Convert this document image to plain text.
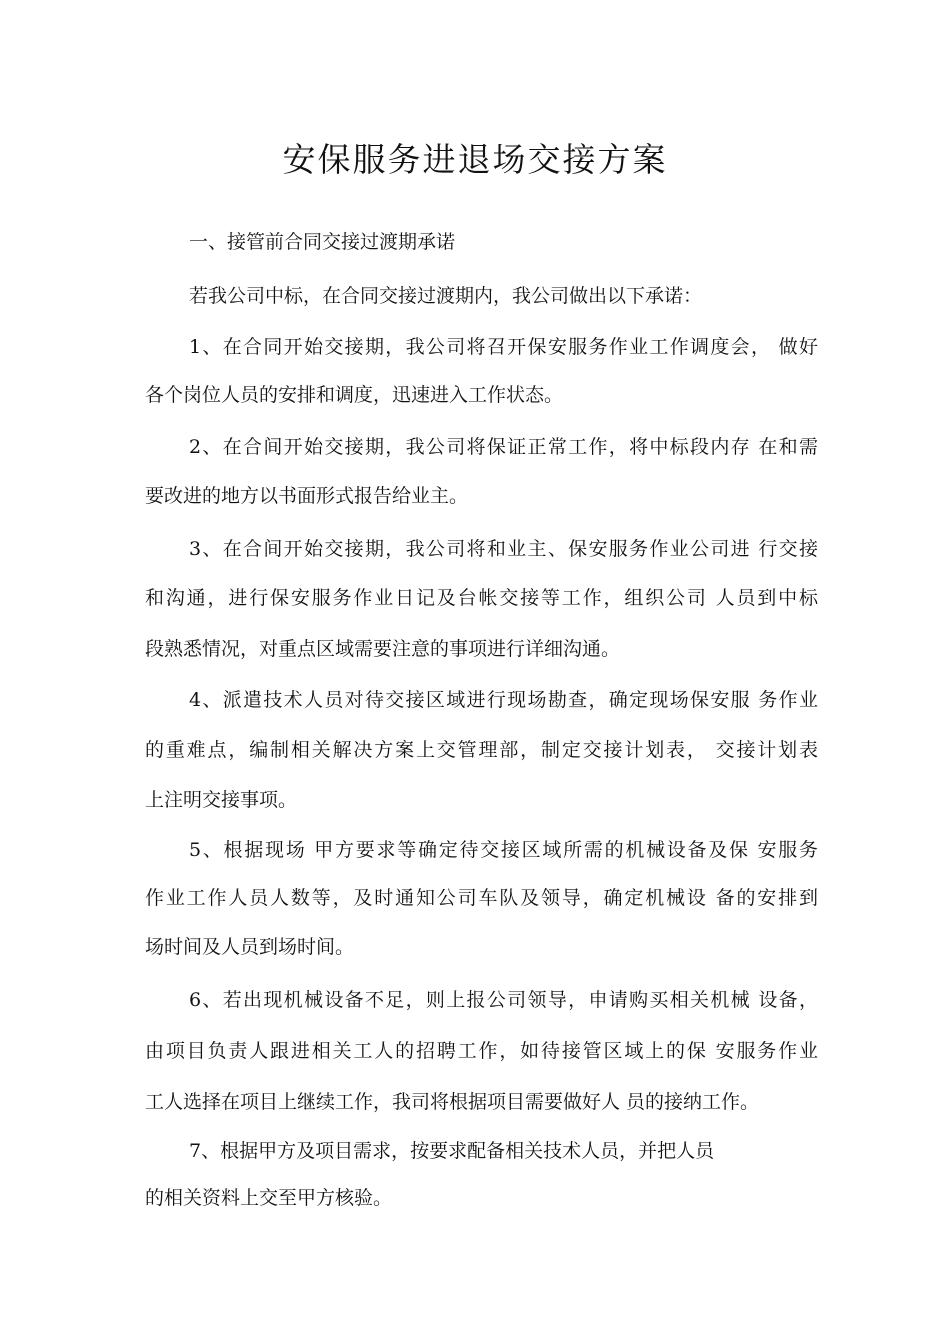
安保服务进退场交接方案
一、接管前合同交接过渡期承诺
若我公司中标，在合同交接过渡期内，我公司做出以下承诺：
1、在合同开始交接期，我公司将召开保安服务作业工作调度会， 做好
各个岗位人员的安排和调度，迅速进入工作状态。
2、在合间开始交接期，我公司将保证正常工作，将中标段内存 在和需
要改进的地方以书面形式报告给业主。
3、在合间开始交接期，我公司将和业主、保安服务作业公司进 行交接
和沟通，进行保安服务作业日记及台帐交接等工作，组织公司 人员到中标
段熟悉情况，对重点区域需要注意的事项进行详细沟通。
4、派遣技术人员对待交接区域进行现场勘查，确定现场保安服 务作业
的重难点，编制相关解决方案上交管理部，制定交接计划表， 交接计划表
上注明交接事项。
5、根据现场 甲方要求等确定待交接区域所需的机械设备及保 安服务
作业工作人员人数等，及时通知公司车队及领导，确定机械设 备的安排到
场时间及人员到场时间。
6、若出现机械设备不足，则上报公司领导，申请购买相关机械 设备，
由项目负责人跟进相关工人的招聘工作，如待接管区域上的保 安服务作业
工人选择在项目上继续工作，我司将根据项目需要做好人 员的接纳工作。
7、根据甲方及项目需求，按要求配备相关技术人员，并把人员
的相关资料上交至甲方核验。
